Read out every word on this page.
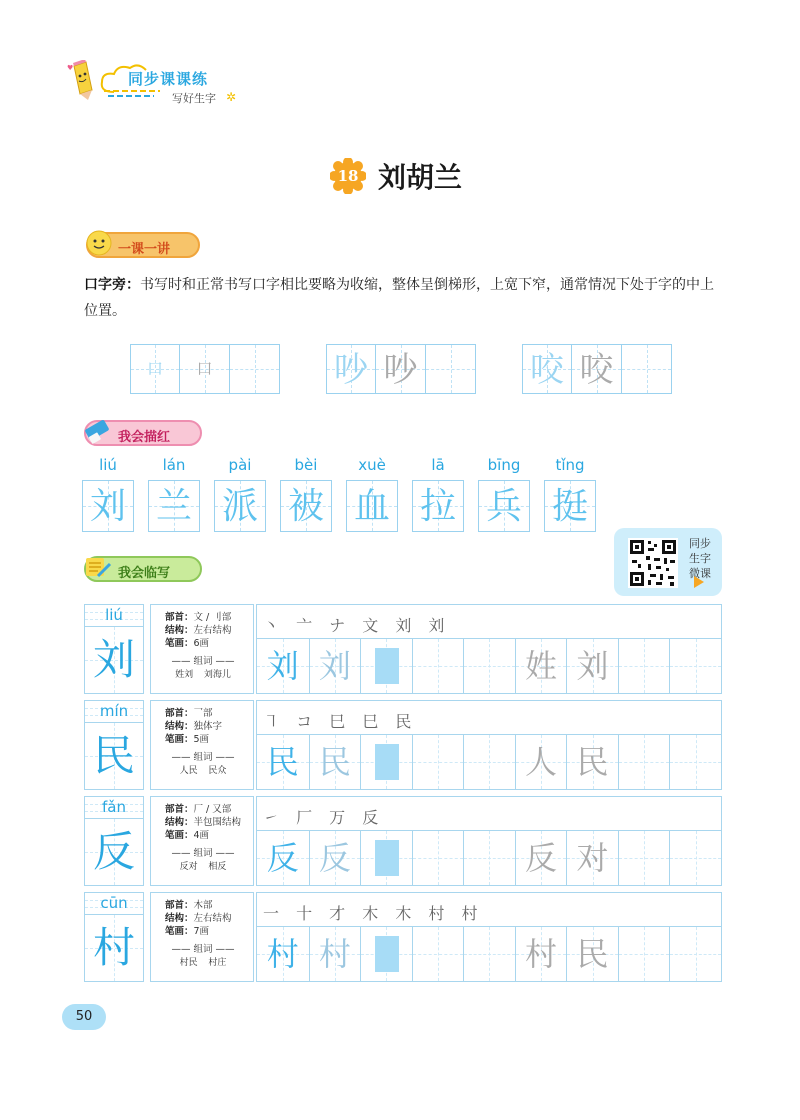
♥
同步课课练
写好生字 ✲
18 刘胡兰
一课一讲
口字旁：书写时和正常书写口字相比要略为收缩，整体呈倒梯形，上宽下窄，通常情况下处于字的中上位置。
口	口	吵 吵	咬 咬
我会描红
liú
刘
lán
兰
pài
派
bèi
被
xuè
血
lā
拉
bīng
兵
tǐng
挺
同步
生字
微课
我会临写
liú
刘
部首：文 / 刂部
结构：左右结构
笔画：6画
—— 组词 ——
姓刘 刘海儿
丶 亠 ナ 文 刘 刘
刘 刘	姓 刘
mín
民
部首：乛部
结构：独体字
笔画：5画
—— 组词 ——
人民 民众
㇕ コ 巳 巳 民
民 民	人 民
fǎn
反
部首：厂 / 又部
结构：半包围结构
笔画：4画
—— 组词 ——
反对 相反
㇀ 厂 万 反
反 反	反 对
cūn
村
部首：木部
结构：左右结构
笔画：7画
—— 组词 ——
村民 村庄
一 十 才 木 木 村 村
村 村	村 民
50
